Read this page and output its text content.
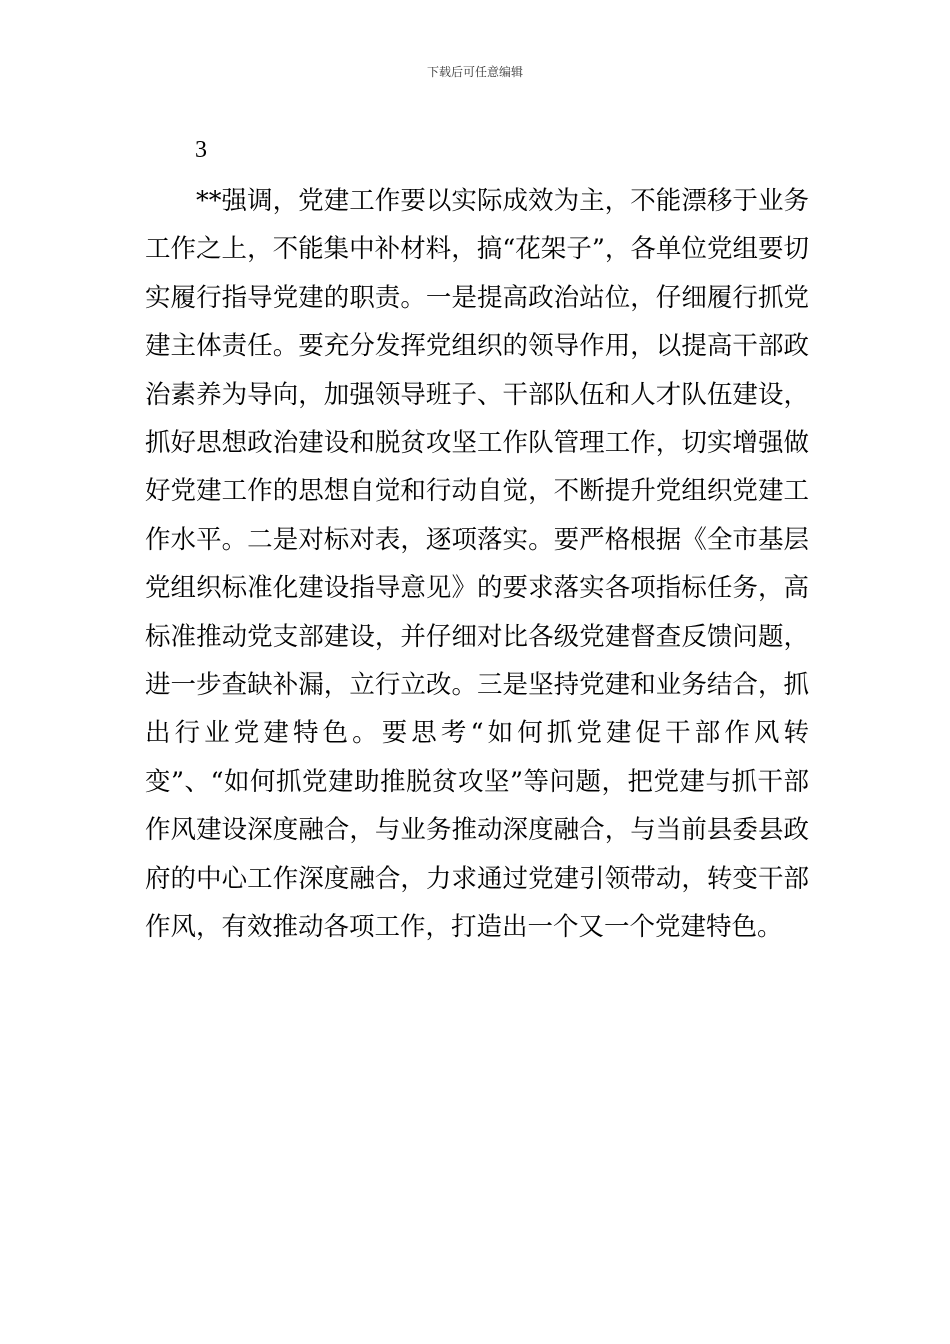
下载后可任意编辑
3

**强调，党建工作要以实际成效为主，不能漂移于业务工作之上，不能集中补材料，搞“花架子”，各单位党组要切实履行指导党建的职责。一是提高政治站位，仔细履行抓党建主体责任。要充分发挥党组织的领导作用，以提高干部政治素养为导向，加强领导班子、干部队伍和人才队伍建设，抓好思想政治建设和脱贫攻坚工作队管理工作，切实增强做好党建工作的思想自觉和行动自觉，不断提升党组织党建工作水平。二是对标对表，逐项落实。要严格根据《全市基层党组织标准化建设指导意见》的要求落实各项指标任务，高标准推动党支部建设，并仔细对比各级党建督查反馈问题，进一步查缺补漏，立行立改。三是坚持党建和业务结合，抓出行业党建特色。要思考“如何抓党建促干部作风转变”、“如何抓党建助推脱贫攻坚”等问题，把党建与抓干部作风建设深度融合，与业务推动深度融合，与当前县委县政府的中心工作深度融合，力求通过党建引领带动，转变干部作风，有效推动各项工作，打造出一个又一个党建特色。
